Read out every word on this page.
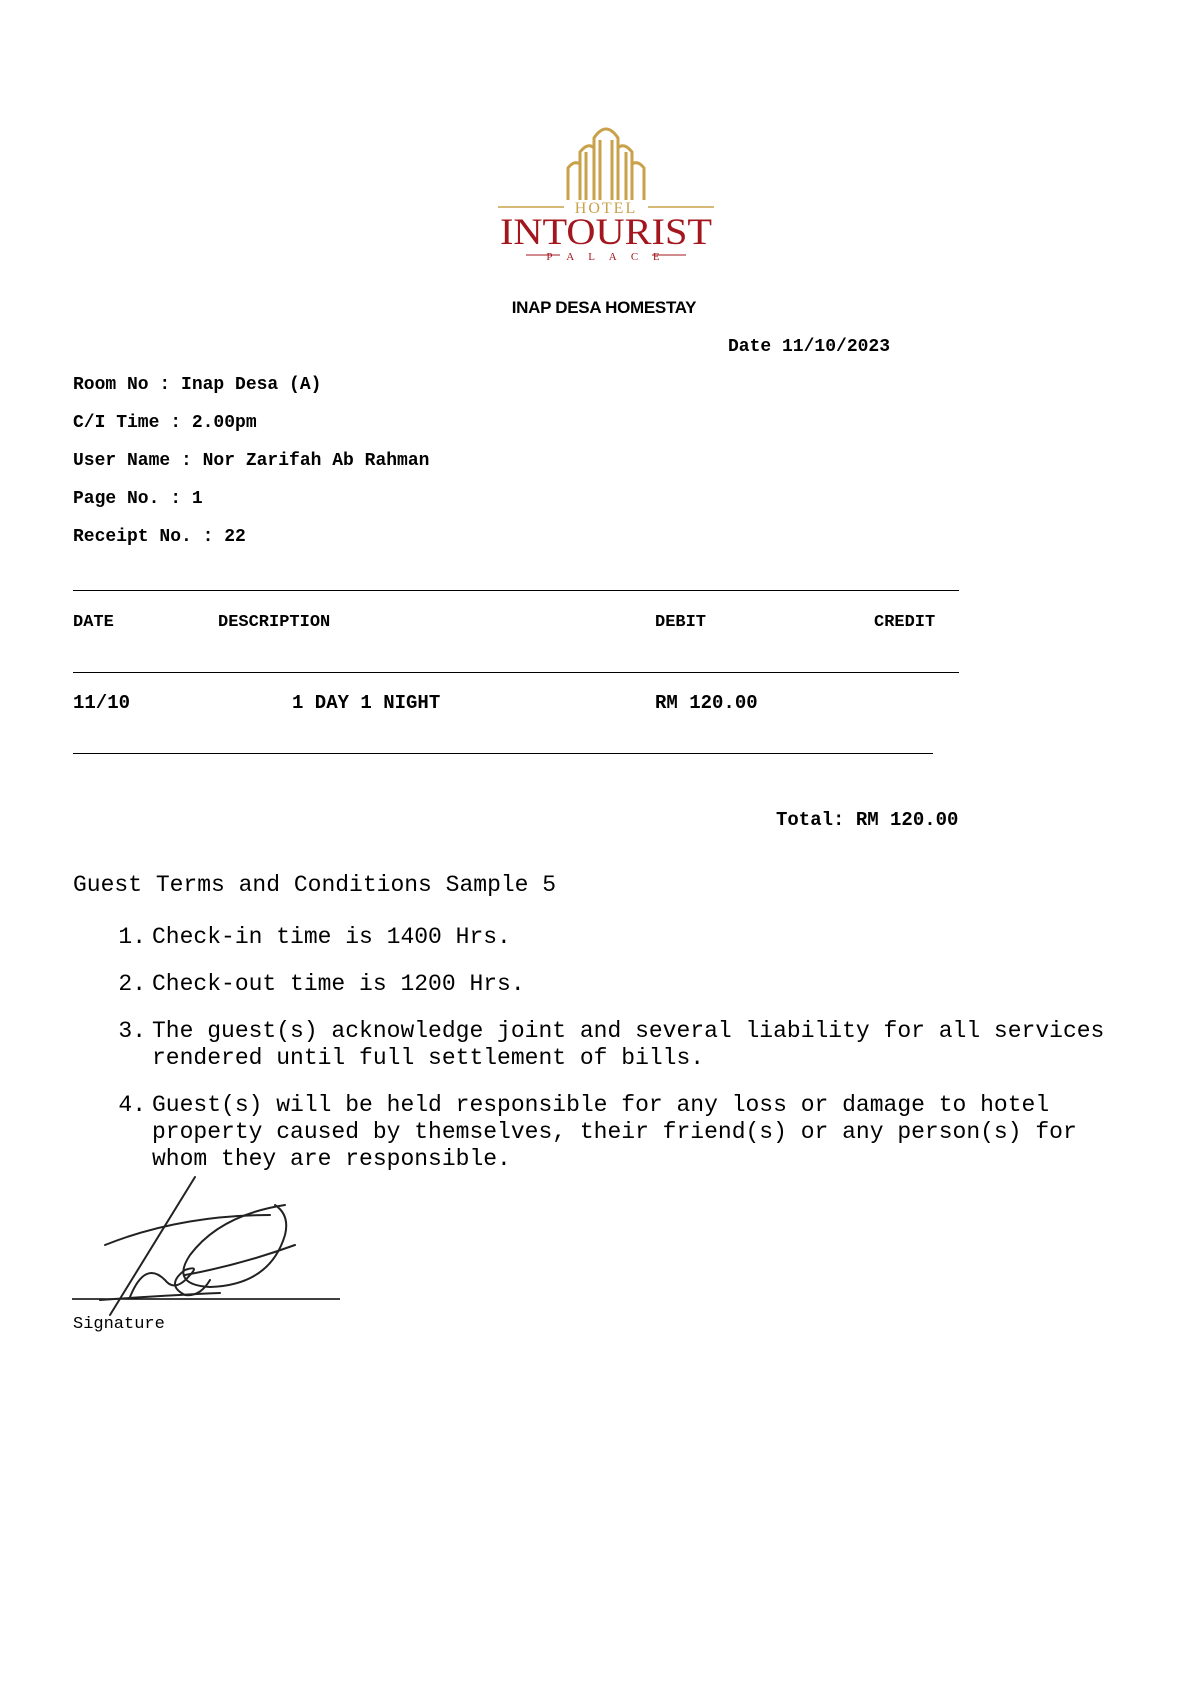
HOTEL
INTOURIST
P A L A C E
INAP DESA HOMESTAY
Date 11/10/2023
Room No : Inap Desa (A)
C/I Time : 2.00pm
User Name : Nor Zarifah Ab Rahman
Page No. : 1
Receipt No. : 22
DATE	DESCRIPTION	DEBIT	CREDIT
11/10	1 DAY 1 NIGHT	RM 120.00
Total: RM 120.00
Guest Terms and Conditions Sample 5
1. Check-in time is 1400 Hrs.
2. Check-out time is 1200 Hrs.
3. The guest(s) acknowledge joint and several liability for all services rendered until full settlement of bills.
4. Guest(s) will be held responsible for any loss or damage to hotel property caused by themselves, their friend(s) or any person(s) for whom they are responsible.
Signature
